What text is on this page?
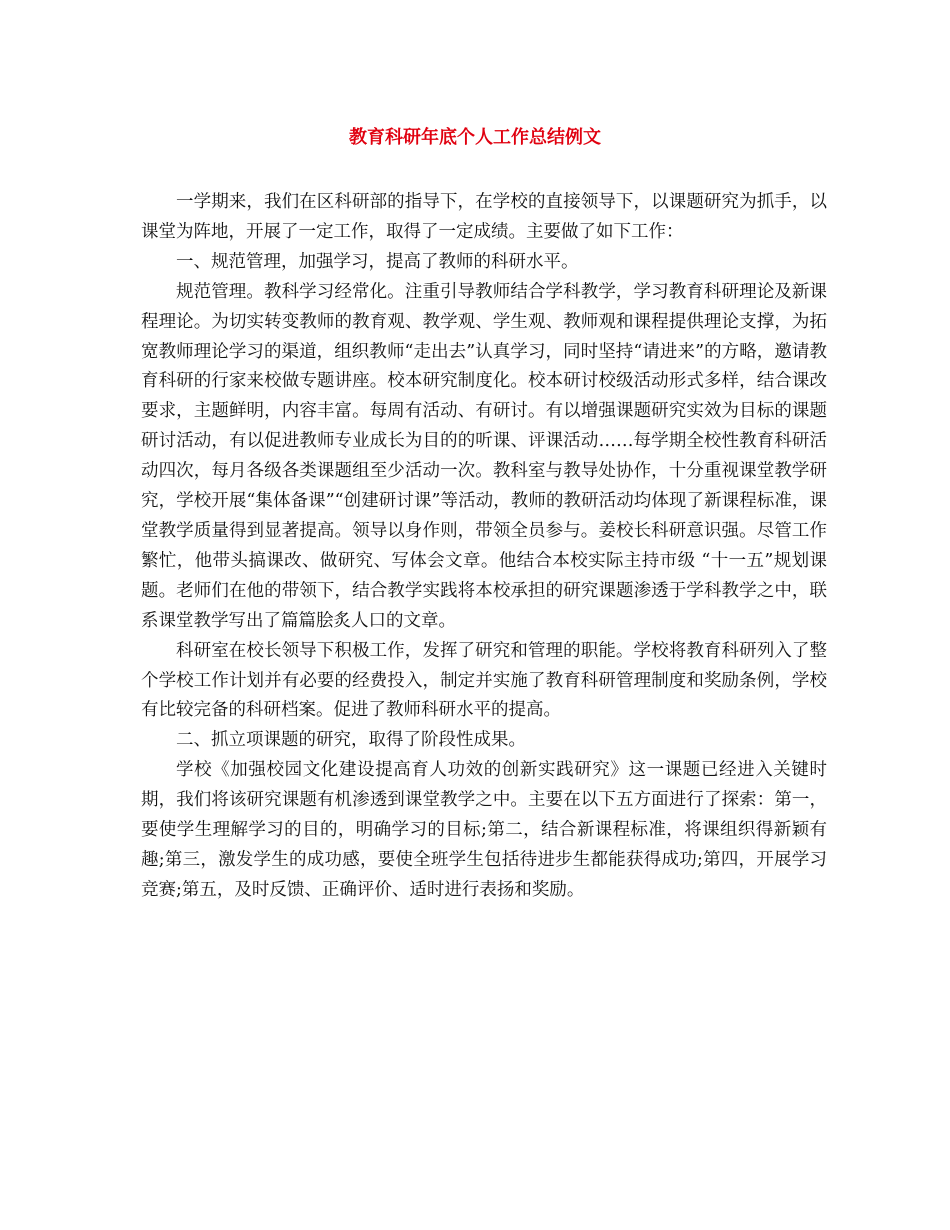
教育科研年底个人工作总结例文

一学期来，我们在区科研部的指导下，在学校的直接领导下，以课题研究为抓手，以课堂为阵地，开展了一定工作，取得了一定成绩。主要做了如下工作：

一、规范管理，加强学习，提高了教师的科研水平。

规范管理。教科学习经常化。注重引导教师结合学科教学，学习教育科研理论及新课程理论。为切实转变教师的教育观、教学观、学生观、教师观和课程提供理论支撑，为拓宽教师理论学习的渠道，组织教师“走出去”认真学习，同时坚持“请进来”的方略，邀请教育科研的行家来校做专题讲座。校本研究制度化。校本研讨校级活动形式多样，结合课改要求，主题鲜明，内容丰富。每周有活动、有研讨。有以增强课题研究实效为目标的课题研讨活动，有以促进教师专业成长为目的的听课、评课活动……每学期全校性教育科研活动四次，每月各级各类课题组至少活动一次。教科室与教导处协作，十分重视课堂教学研究，学校开展“集体备课”“创建研讨课”等活动，教师的教研活动均体现了新课程标准，课堂教学质量得到显著提高。领导以身作则，带领全员参与。姜校长科研意识强。尽管工作繁忙，他带头搞课改、做研究、写体会文章。他结合本校实际主持市级 “十一五”规划课题。老师们在他的带领下，结合教学实践将本校承担的研究课题渗透于学科教学之中，联系课堂教学写出了篇篇脍炙人口的文章。

科研室在校长领导下积极工作，发挥了研究和管理的职能。学校将教育科研列入了整个学校工作计划并有必要的经费投入，制定并实施了教育科研管理制度和奖励条例，学校有比较完备的科研档案。促进了教师科研水平的提高。

二、抓立项课题的研究，取得了阶段性成果。

学校《加强校园文化建设提高育人功效的创新实践研究》这一课题已经进入关键时期，我们将该研究课题有机渗透到课堂教学之中。主要在以下五方面进行了探索：第一，要使学生理解学习的目的，明确学习的目标;第二，结合新课程标准，将课组织得新颖有趣;第三，激发学生的成功感，要使全班学生包括待进步生都能获得成功;第四，开展学习竞赛;第五，及时反馈、正确评价、适时进行表扬和奖励。
